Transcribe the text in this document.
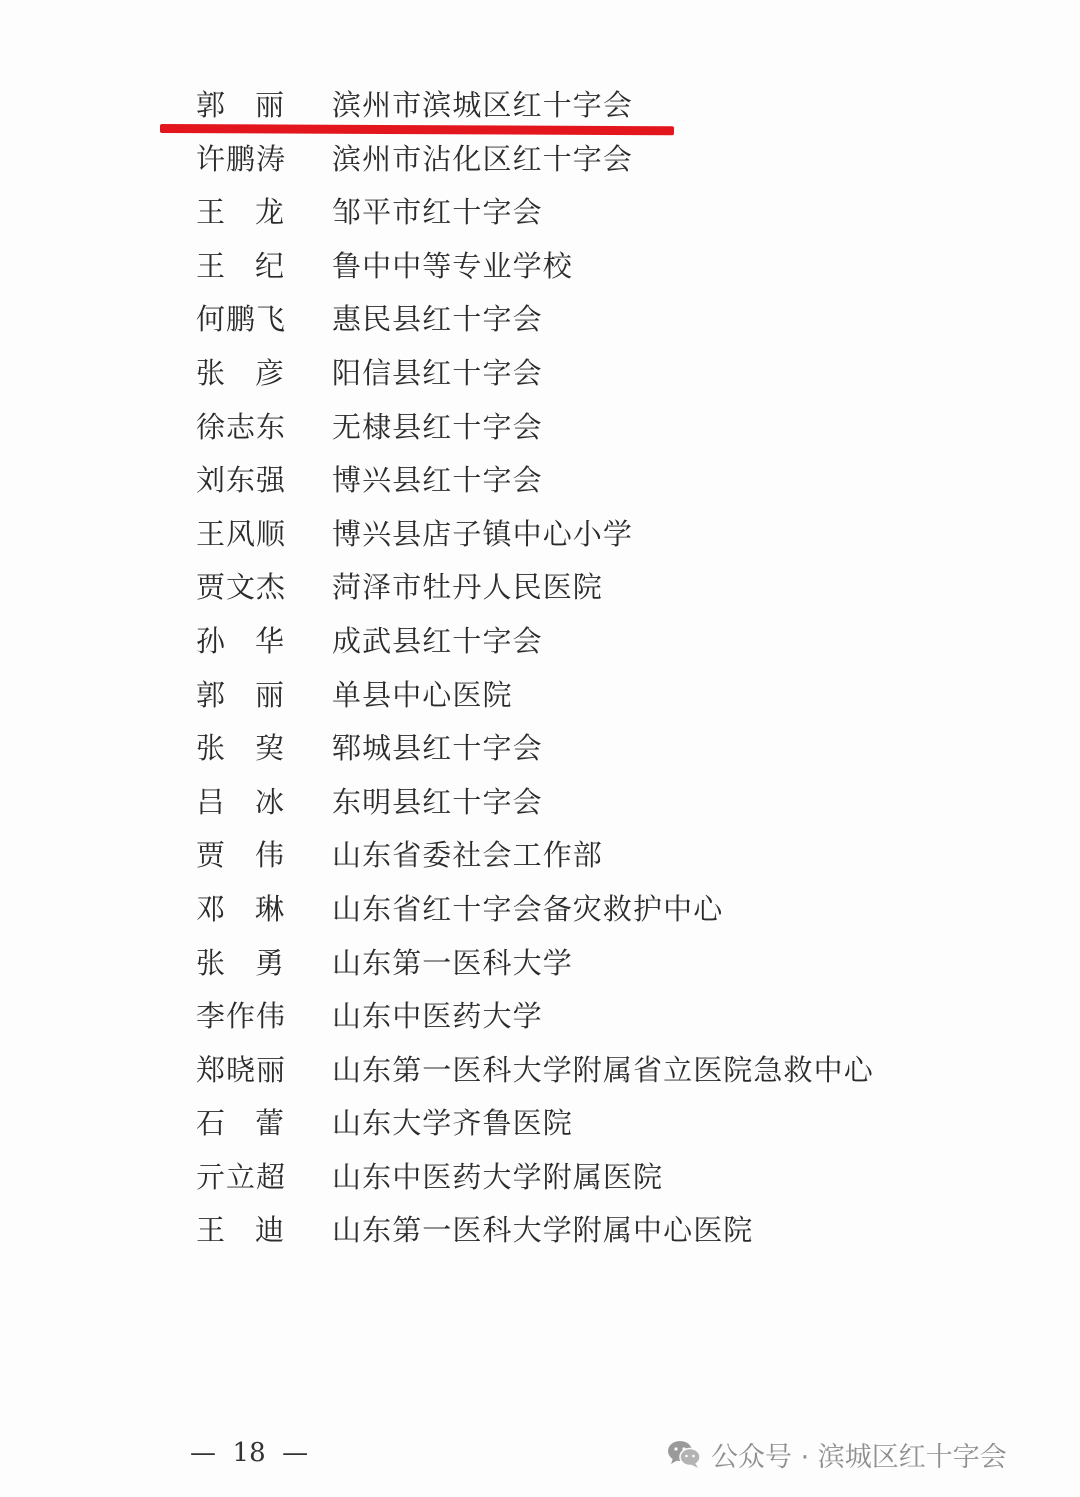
郭丽 滨州市滨城区红十字会
许鹏涛 滨州市沾化区红十字会
王龙 邹平市红十字会
王纪 鲁中中等专业学校
何鹏飞 惠民县红十字会
张彦 阳信县红十字会
徐志东 无棣县红十字会
刘东强 博兴县红十字会
王风顺 博兴县店子镇中心小学
贾文杰 菏泽市牡丹人民医院
孙华 成武县红十字会
郭丽 单县中心医院
张巭 郓城县红十字会
吕冰 东明县红十字会
贾伟 山东省委社会工作部
邓琳 山东省红十字会备灾救护中心
张勇 山东第一医科大学
李作伟 山东中医药大学
郑晓丽 山东第一医科大学附属省立医院急救中心
石蕾 山东大学齐鲁医院
亓立超 山东中医药大学附属医院
王迪 山东第一医科大学附属中心医院
—  18  —	公众号 · 滨城区红十字会
